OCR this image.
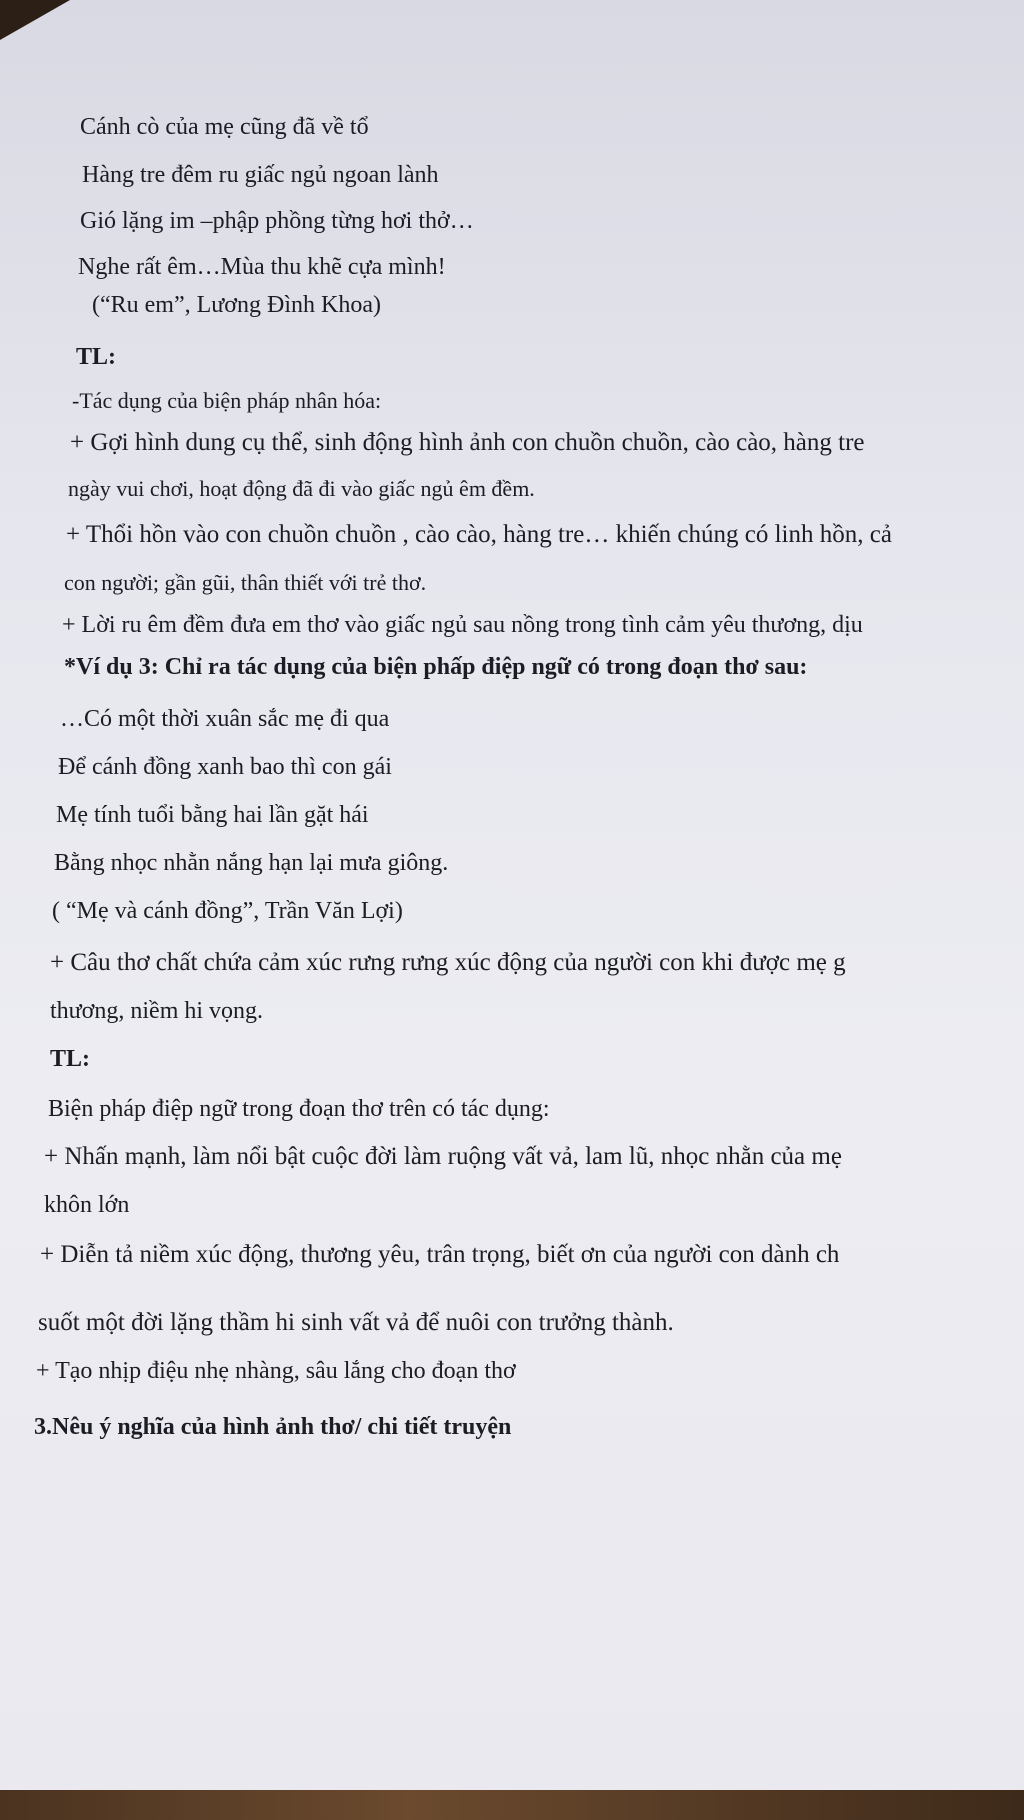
Cánh cò của mẹ cũng đã về tổ

Hàng tre đêm ru giấc ngủ ngoan lành

Gió lặng im –phập phồng từng hơi thở…

Nghe rất êm…Mùa thu khẽ cựa mình!

(“Ru em”, Lương Đình Khoa)

TL:

-Tác dụng của biện pháp nhân hóa:

+ Gợi hình dung cụ thể, sinh động hình ảnh con chuồn chuồn, cào cào, hàng tre

ngày vui chơi, hoạt động đã đi vào giấc ngủ êm đềm.

+ Thổi hồn vào con chuồn chuồn , cào cào, hàng tre… khiến chúng có linh hồn, cả

con người; gần gũi, thân thiết với trẻ thơ.

+ Lời ru êm đềm đưa em thơ vào giấc ngủ sau nồng trong tình cảm yêu thương, dịu

*Ví dụ 3: Chỉ ra tác dụng của biện phấp điệp ngữ có trong đoạn thơ sau:

…Có một thời xuân sắc mẹ đi qua

Để cánh đồng xanh bao thì con gái

Mẹ tính tuổi bằng hai lần gặt hái

Bằng nhọc nhằn nắng hạn lại mưa giông.

( “Mẹ và cánh đồng”, Trần Văn Lợi)

+ Câu thơ chất chứa cảm xúc rưng rưng xúc động của người con khi được mẹ g

thương, niềm hi vọng.

TL:

Biện pháp điệp ngữ trong đoạn thơ trên có tác dụng:

+ Nhấn mạnh, làm nổi bật cuộc đời làm ruộng vất vả, lam lũ, nhọc nhằn của mẹ

khôn lớn

+ Diễn tả niềm xúc động, thương yêu, trân trọng, biết ơn của người con dành ch

suốt một đời lặng thầm hi sinh vất vả để nuôi con trưởng thành.

+ Tạo nhịp điệu nhẹ nhàng, sâu lắng cho đoạn thơ

3.Nêu ý nghĩa của hình ảnh thơ/ chi tiết truyện
